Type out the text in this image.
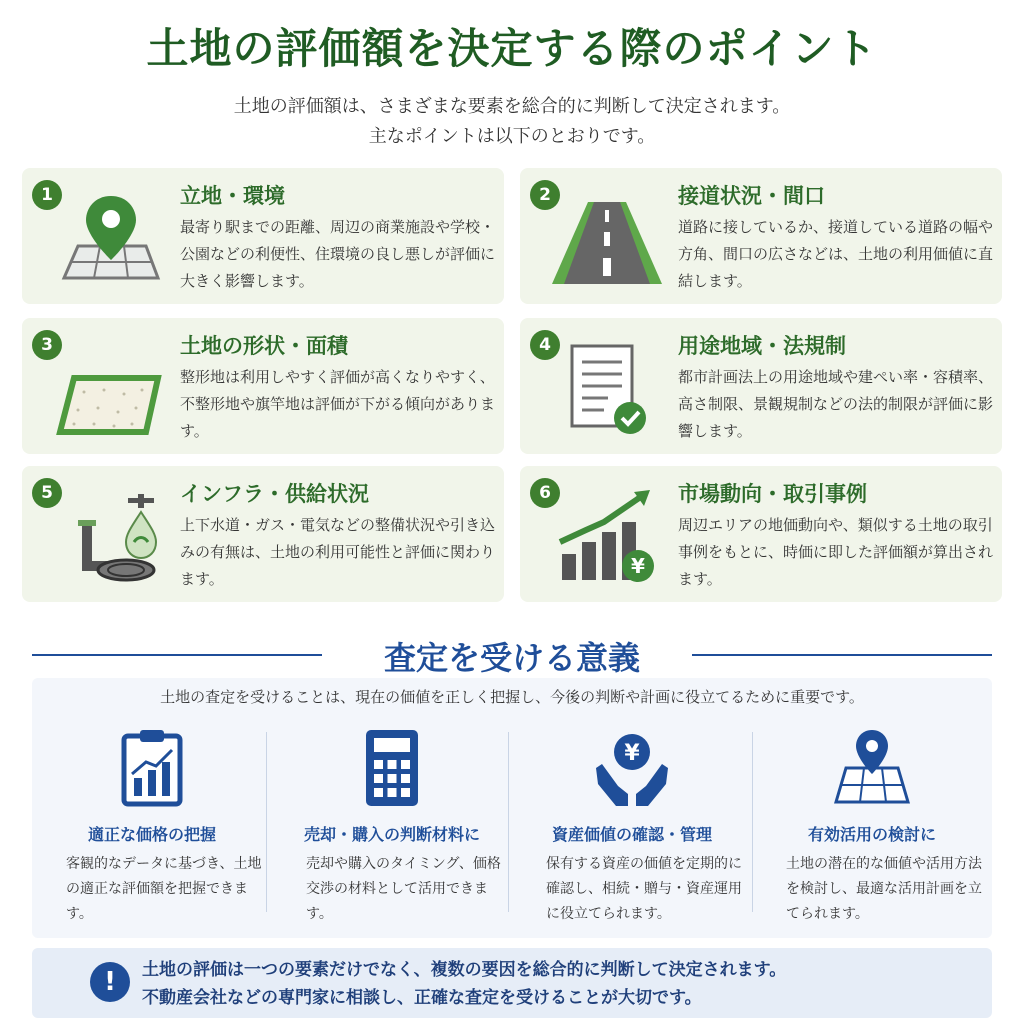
土地の評価額を決定する際のポイント
土地の評価額は、さまざまな要素を総合的に判断して決定されます。
主なポイントは以下のとおりです。
1	立地・環境
最寄り駅までの距離、周辺の商業施設や学校・公園などの利便性、住環境の良し悪しが評価に大きく影響します。
2	接道状況・間口
道路に接しているか、接道している道路の幅や方角、間口の広さなどは、土地の利用価値に直結します。
3	土地の形状・面積
整形地は利用しやすく評価が高くなりやすく、不整形地や旗竿地は評価が下がる傾向があります。
4	用途地域・法規制
都市計画法上の用途地域や建ぺい率・容積率、高さ制限、景観規制などの法的制限が評価に影響します。
5	インフラ・供給状況
上下水道・ガス・電気などの整備状況や引き込みの有無は、土地の利用可能性と評価に関わります。
6
¥
市場動向・取引事例
周辺エリアの地価動向や、類似する土地の取引事例をもとに、時価に即した評価額が算出されます。
査定を受ける意義
土地の査定を受けることは、現在の価値を正しく把握し、今後の判断や計画に役立てるために重要です。
適正な価格の把握
客観的なデータに基づき、土地の適正な評価額を把握できます。
売却・購入の判断材料に
売却や購入のタイミング、価格交渉の材料として活用できます。
¥
資産価値の確認・管理
保有する資産の価値を定期的に確認し、相続・贈与・資産運用に役立てられます。
有効活用の検討に
土地の潜在的な価値や活用方法を検討し、最適な活用計画を立てられます。
!	土地の評価は一つの要素だけでなく、複数の要因を総合的に判断して決定されます。
不動産会社などの専門家に相談し、正確な査定を受けることが大切です。
